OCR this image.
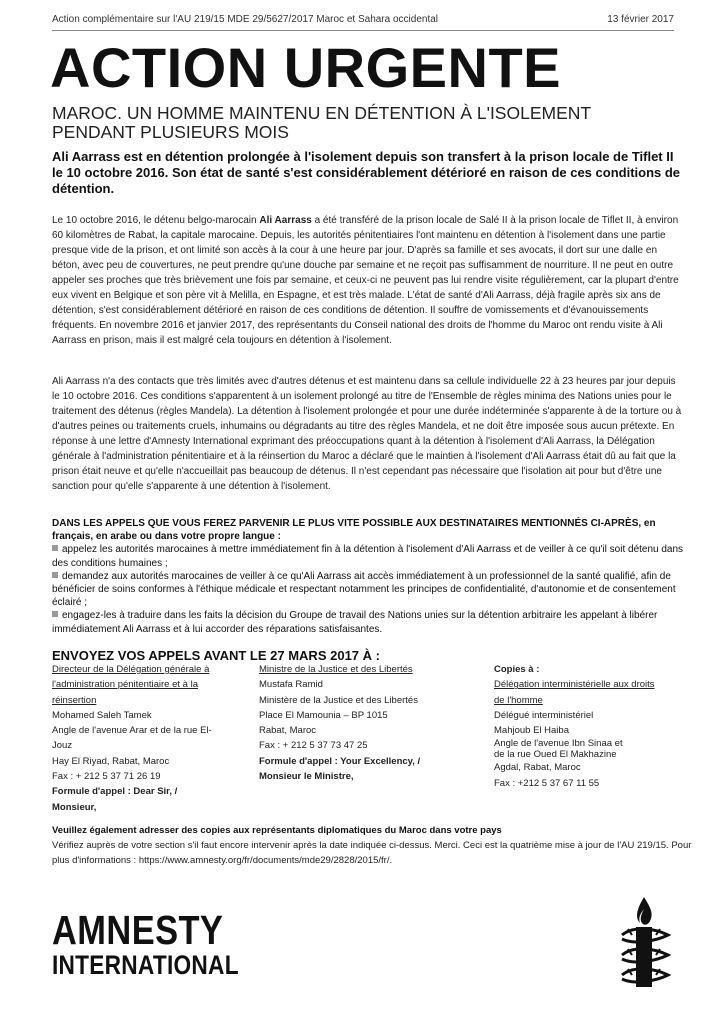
Action complémentaire sur l'AU 219/15 MDE 29/5627/2017 Maroc et Sahara occidental	13 février 2017
ACTION URGENTE
MAROC. UN HOMME MAINTENU EN DÉTENTION À L'ISOLEMENT
PENDANT PLUSIEURS MOIS
Ali Aarrass est en détention prolongée à l'isolement depuis son transfert à la prison locale de Tiflet II le 10 octobre 2016. Son état de santé s'est considérablement détérioré en raison de ces conditions de détention.

Le 10 octobre 2016, le détenu belgo-marocain Ali Aarrass a été transféré de la prison locale de Salé II à la prison locale de Tiflet II, à environ 60 kilomètres de Rabat, la capitale marocaine. Depuis, les autorités pénitentiaires l'ont maintenu en détention à l'isolement dans une partie presque vide de la prison, et ont limité son accès à la cour à une heure par jour. D'après sa famille et ses avocats, il dort sur une dalle en béton, avec peu de couvertures, ne peut prendre qu'une douche par semaine et ne reçoit pas suffisamment de nourriture. Il ne peut en outre appeler ses proches que très brièvement une fois par semaine, et ceux-ci ne peuvent pas lui rendre visite régulièrement, car la plupart d'entre eux vivent en Belgique et son père vit à Melilla, en Espagne, et est très malade. L'état de santé d'Ali Aarrass, déjà fragile après six ans de détention, s'est considérablement détérioré en raison de ces conditions de détention. Il souffre de vomissements et d'évanouissements fréquents. En novembre 2016 et janvier 2017, des représentants du Conseil national des droits de l'homme du Maroc ont rendu visite à Ali Aarrass en prison, mais il est malgré cela toujours en détention à l'isolement.

Ali Aarrass n'a des contacts que très limités avec d'autres détenus et est maintenu dans sa cellule individuelle 22 à 23 heures par jour depuis le 10 octobre 2016. Ces conditions s'apparentent à un isolement prolongé au titre de l'Ensemble de règles minima des Nations unies pour le traitement des détenus (règles Mandela). La détention à l'isolement prolongée et pour une durée indéterminée s'apparente à de la torture ou à d'autres peines ou traitements cruels, inhumains ou dégradants au titre des règles Mandela, et ne doit être imposée sous aucun prétexte. En réponse à une lettre d'Amnesty International exprimant des préoccupations quant à la détention à l'isolement d'Ali Aarrass, la Délégation générale à l'administration pénitentiaire et à la réinsertion du Maroc a déclaré que le maintien à l'isolement d'Ali Aarrass était dû au fait que la prison était neuve et qu'elle n'accueillait pas beaucoup de détenus. Il n'est cependant pas nécessaire que l'isolation ait pour but d'être une sanction pour qu'elle s'apparente à une détention à l'isolement.

DANS LES APPELS QUE VOUS FEREZ PARVENIR LE PLUS VITE POSSIBLE AUX DESTINATAIRES MENTIONNÉS CI-APRÈS, en français, en arabe ou dans votre propre langue :
appelez les autorités marocaines à mettre immédiatement fin à la détention à l'isolement d'Ali Aarrass et de veiller à ce qu'il soit détenu dans des conditions humaines ;
demandez aux autorités marocaines de veiller à ce qu'Ali Aarrass ait accès immédiatement à un professionnel de la santé qualifié, afin de bénéficier de soins conformes à l'éthique médicale et respectant notamment les principes de confidentialité, d'autonomie et de consentement éclairé ;
engagez-les à traduire dans les faits la décision du Groupe de travail des Nations unies sur la détention arbitraire les appelant à libérer immédiatement Ali Aarrass et à lui accorder des réparations satisfaisantes.
ENVOYEZ VOS APPELS AVANT LE 27 MARS 2017 À :
Directeur de la Délégation générale à
l'administration pénitentiaire et à la
réinsertion
Mohamed Saleh Tamek
Angle de l'avenue Arar et de la rue El-
Jouz
Hay El Riyad, Rabat, Maroc
Fax : + 212 5 37 71 26 19
Formule d'appel : Dear Sir, /
Monsieur,
Ministre de la Justice et des Libertés
Mustafa Ramid
Ministère de la Justice et des Libertés
Place El Mamounia – BP 1015
Rabat, Maroc
Fax : + 212 5 37 73 47 25
Formule d'appel : Your Excellency, /
Monsieur le Ministre,
Copies à :
Délégation interministérielle aux droits
de l'homme
Délégué interministériel
Mahjoub El Haiba
Angle de l'avenue Ibn Sinaa et
de la rue Oued El Makhazine
Agdal, Rabat, Maroc
Fax : +212 5 37 67 11 55
Veuillez également adresser des copies aux représentants diplomatiques du Maroc dans votre pays
Vérifiez auprès de votre section s'il faut encore intervenir après la date indiquée ci-dessus. Merci. Ceci est la quatrième mise à jour de l'AU 219/15. Pour plus d'informations : https://www.amnesty.org/fr/documents/mde29/2828/2015/fr/.
AMNESTY
INTERNATIONAL
